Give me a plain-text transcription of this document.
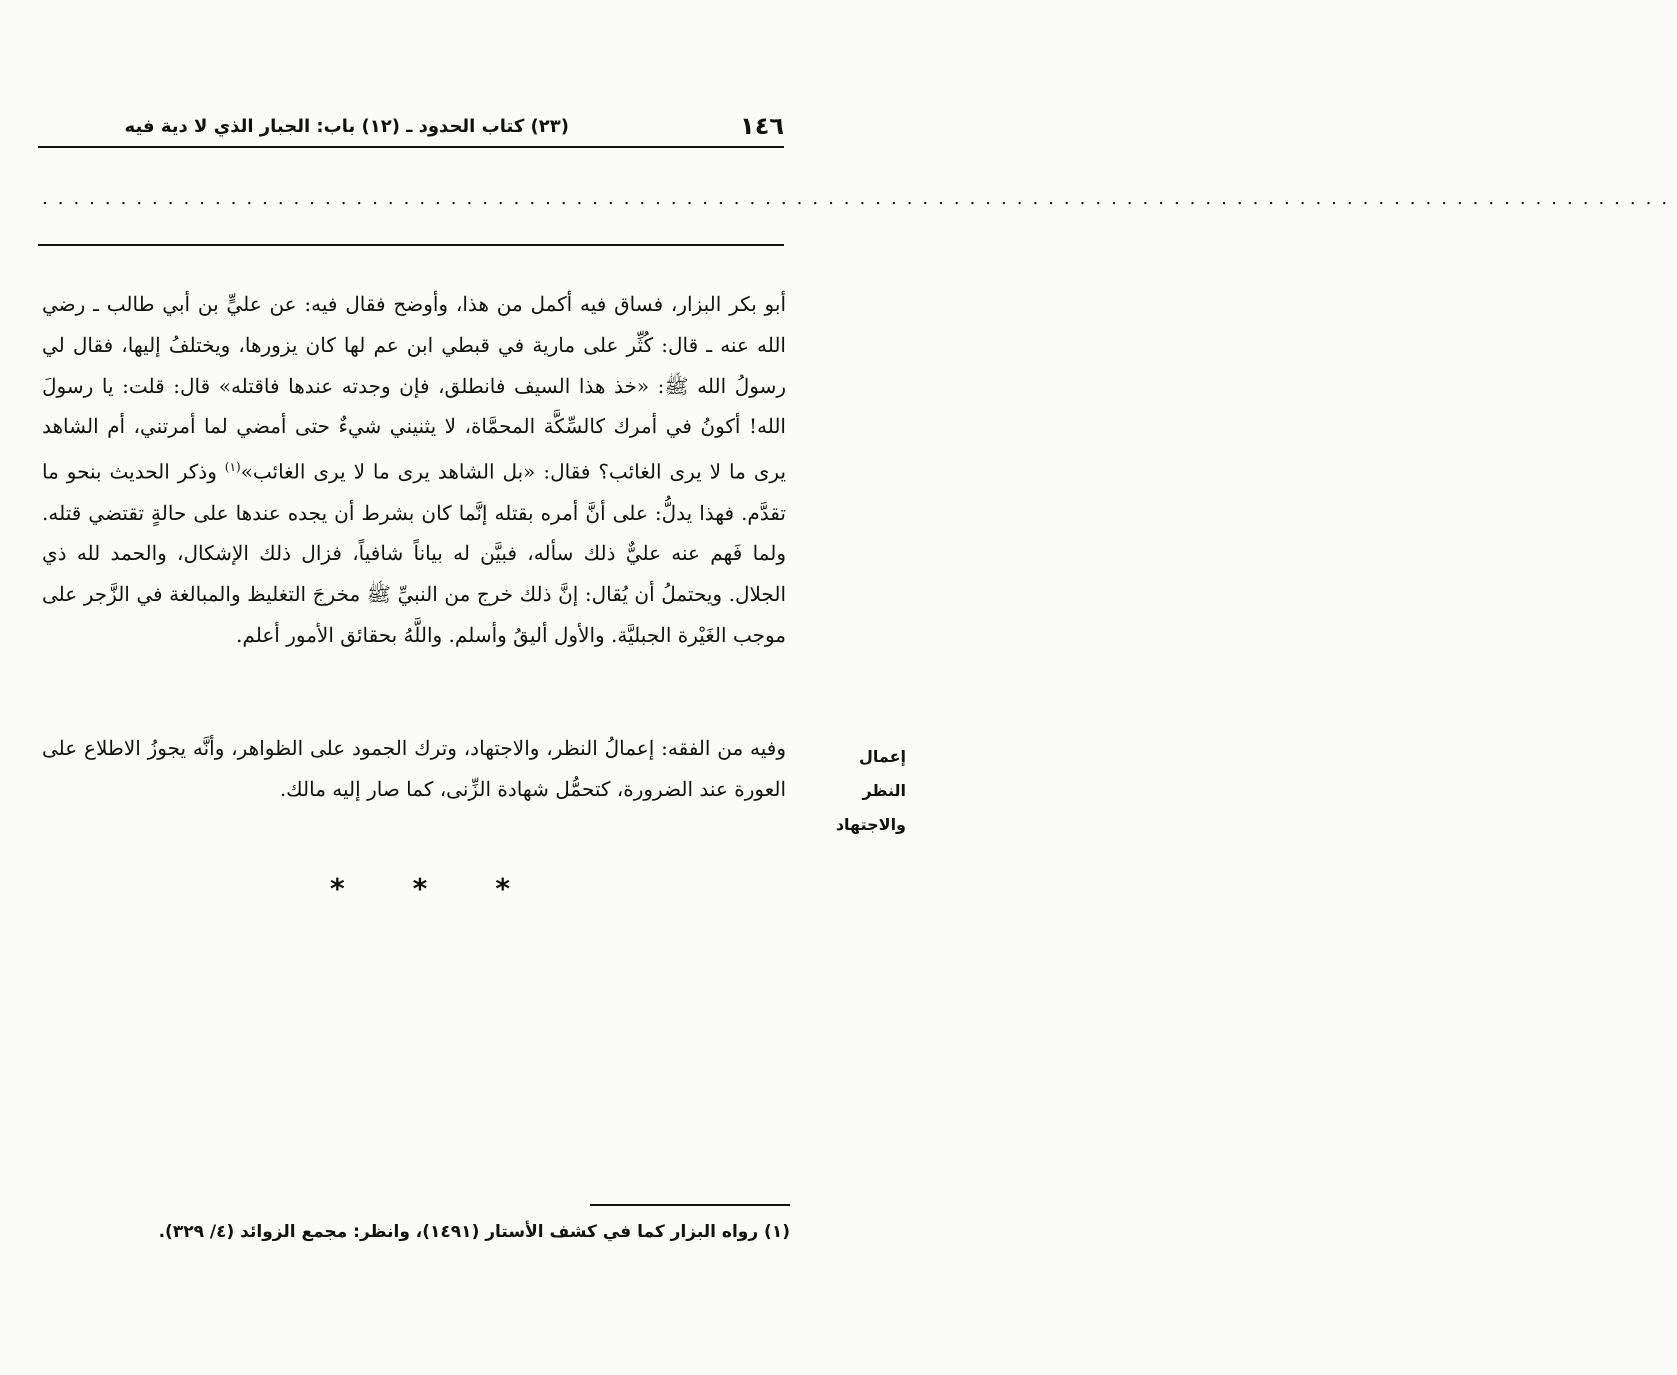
١٤٦
(٢٣) كتاب الحدود ـ (١٢) باب: الجبار الذي لا دية فيه
........................................................................................................
أبو بكر البزار، فساق فيه أكمل من هذا، وأوضح فقال فيه: عن عليٍّ بن أبي طالب ـ رضي الله عنه ـ قال: كُثِّر على مارية في قبطي ابن عم لها كان يزورها، ويختلفُ إليها، فقال لي رسولُ الله ﷺ: «خذ هذا السيف فانطلق، فإن وجدته عندها فاقتله» قال: قلت: يا رسولَ الله! أكونُ في أمرك كالسِّكَّة المحمَّاة، لا يثنيني شيءٌ حتى أمضي لما أمرتني، أم الشاهد يرى ما لا يرى الغائب؟ فقال: «بل الشاهد يرى ما لا يرى الغائب»$^{(١)}$ وذكر الحديث بنحو ما تقدَّم. فهذا يدلُّ: على أنَّ أمره بقتله إنَّما كان بشرط أن يجده عندها على حالةٍ تقتضي قتله. ولما فَهم عنه عليٌّ ذلك سأله، فبيَّن له بياناً شافياً، فزال ذلك الإشكال، والحمد لله ذي الجلال. ويحتملُ أن يُقال: إنَّ ذلك خرج من النبيِّ ﷺ مخرجَ التغليظ والمبالغة في الزَّجر على موجب الغَيْرة الجبليَّة. والأول أليقُ وأسلم. واللَّهُ بحقائق الأمور أعلم.
إعمال النظر
والاجتهاد
وفيه من الفقه: إعمالُ النظر، والاجتهاد، وترك الجمود على الظواهر، وأنَّه يجوزُ الاطلاع على العورة عند الضرورة، كتحمُّل شهادة الزِّنى، كما صار إليه مالك.
* * *
(١) رواه البزار كما في كشف الأستار (١٤٩١)، وانظر: مجمع الزوائد (٤/ ٣٢٩).
